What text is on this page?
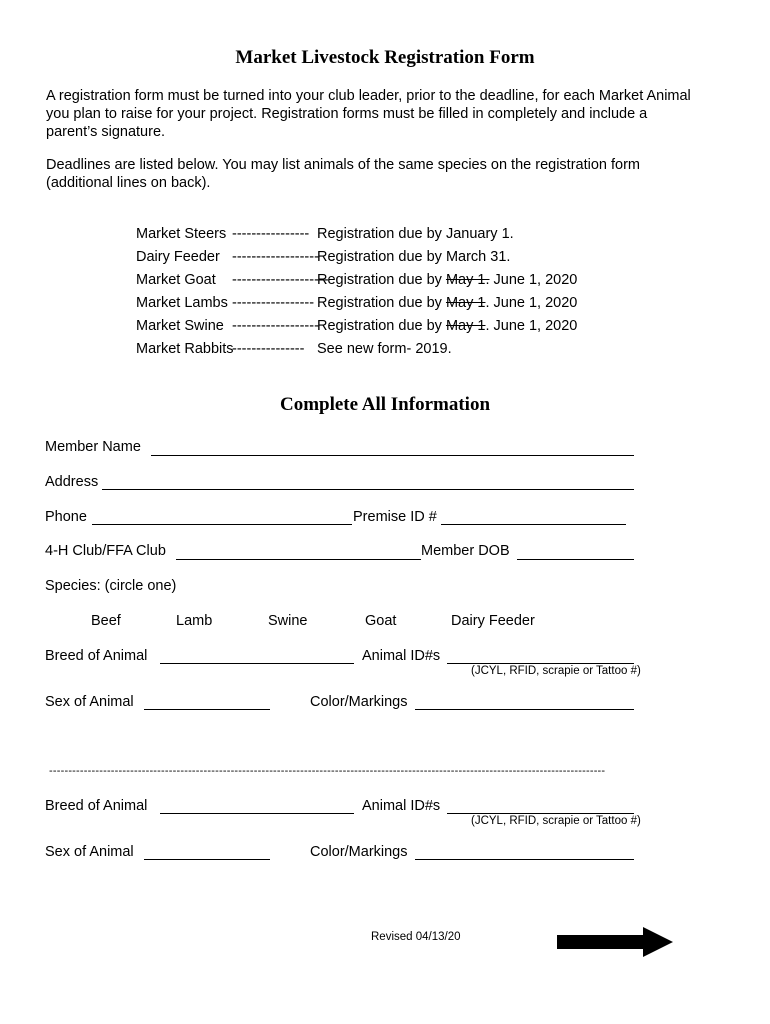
Market Livestock Registration Form
A registration form must be turned into your club leader, prior to the deadline, for each Market Animal
you plan to raise for your project. Registration forms must be filled in completely and include a
parent’s signature.
Deadlines are listed below. You may list animals of the same species on the registration form
(additional lines on back).
Market Steers ---------------- Registration due by January 1.
Dairy Feeder ------------------Registration due by March 31.
Market Goat --------------------Registration due by May 1. June 1, 2020
Market Lambs ----------------- Registration due by May 1. June 1, 2020
Market Swine ------------------Registration due by May 1. June 1, 2020
Market Rabbits--------------- See new form- 2019.
Complete All Information
Member Name
Address
Phone	Premise ID #
4-H Club/FFA Club	Member DOB
Species: (circle one)
Beef	Lamb	Swine	Goat	Dairy Feeder
Breed of Animal	Animal ID#s
(JCYL, RFID, scrapie or Tattoo #)
Sex of Animal	Color/Markings
------------------------------------------------------------------------------------------------------------------------------------------------
Breed of Animal	Animal ID#s
(JCYL, RFID, scrapie or Tattoo #)
Sex of Animal	Color/Markings
Revised 04/13/20
